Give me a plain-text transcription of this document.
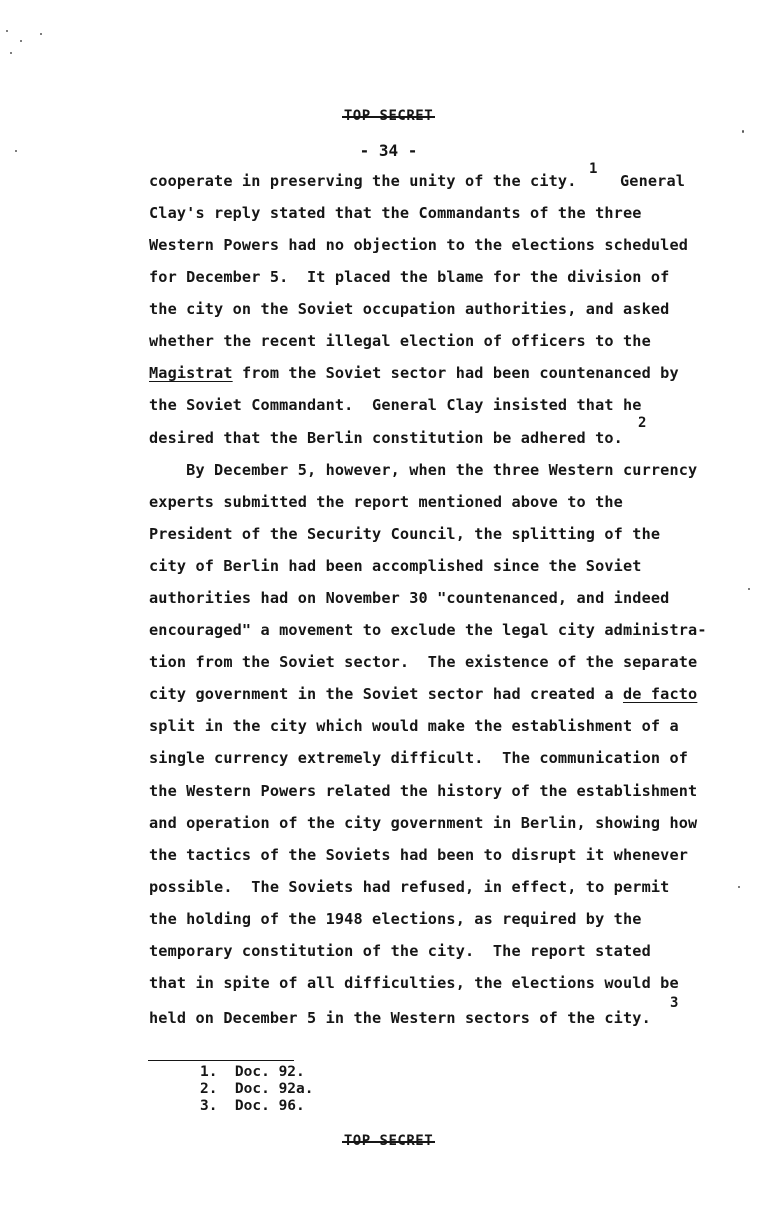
TOP SECRET
- 34 -
cooperate in preserving the unity of the city.
1
General
Clay's reply stated that the Commandants of the three
Western Powers had no objection to the elections scheduled
for December 5.  It placed the blame for the division of
the city on the Soviet occupation authorities, and asked
whether the recent illegal election of officers to the
Magistrat from the Soviet sector had been countenanced by
the Soviet Commandant.  General Clay insisted that he
desired that the Berlin constitution be adhered to.
2
By December 5, however, when the three Western currency
experts submitted the report mentioned above to the
President of the Security Council, the splitting of the
city of Berlin had been accomplished since the Soviet
authorities had on November 30 "countenanced, and indeed
encouraged" a movement to exclude the legal city administra-
tion from the Soviet sector.  The existence of the separate
city government in the Soviet sector had created a de facto
split in the city which would make the establishment of a
single currency extremely difficult.  The communication of
the Western Powers related the history of the establishment
and operation of the city government in Berlin, showing how
the tactics of the Soviets had been to disrupt it whenever
possible.  The Soviets had refused, in effect, to permit
the holding of the 1948 elections, as required by the
temporary constitution of the city.  The report stated
that in spite of all difficulties, the elections would be
held on December 5 in the Western sectors of the city.
3
1.  Doc. 92.
2.  Doc. 92a.
3.  Doc. 96.
TOP SECRET
